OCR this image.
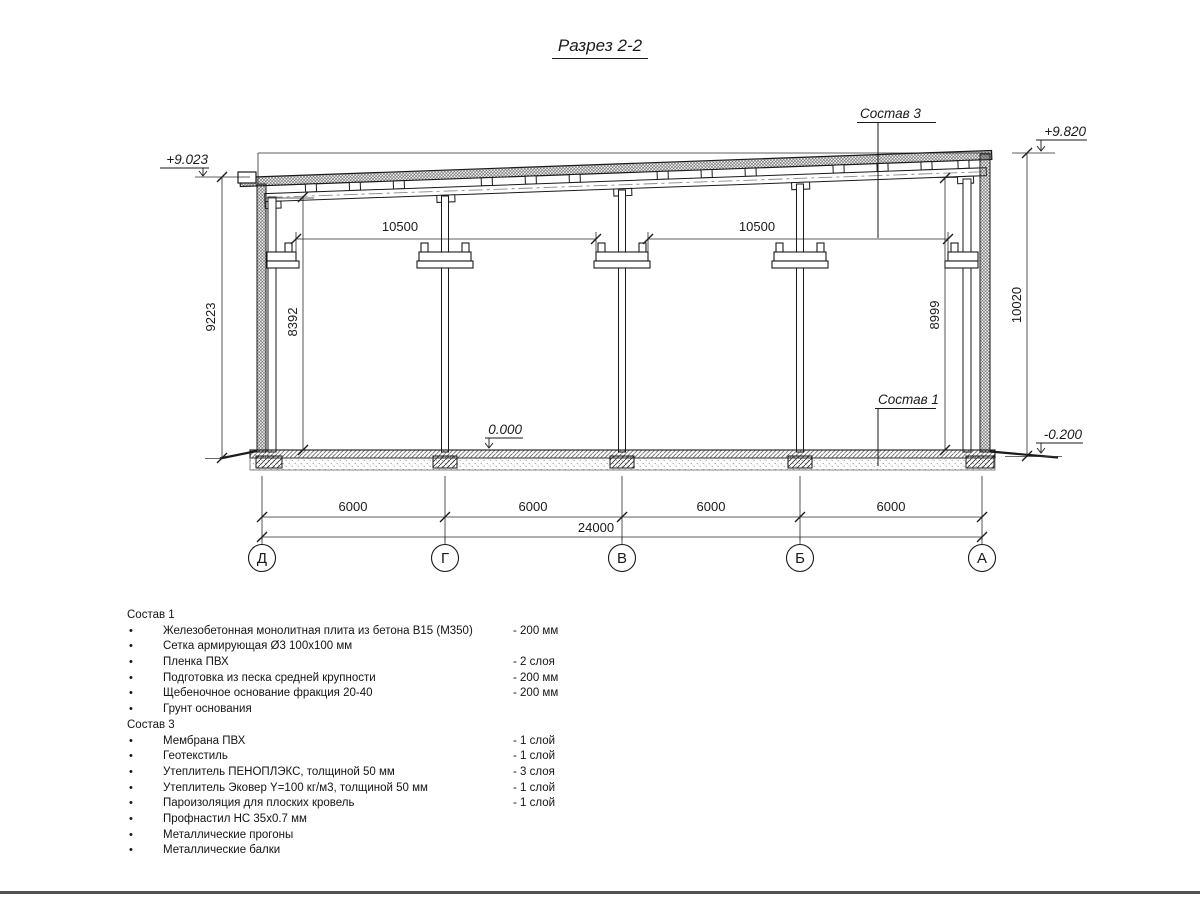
Разрез 2-2
10500	10500
9223	8392	8999	10020
+9.023
+9.820
0.000	-0.200
Состав 3
Состав 1
6000	6000	6000	6000
24000
Д	Г	В	Б	А
Состав 1
• Железобетонная монолитная плита из бетона В15 (М350)	- 200 мм
• Сетка армирующая Ø3 100х100 мм
• Пленка ПВХ	- 2 слоя
• Подготовка из песка средней крупности	- 200 мм
• Щебеночное основание фракция 20-40	- 200 мм
• Грунт основания
Состав 3
• Мембрана ПВХ	- 1 слой
• Геотекстиль	- 1 слой
• Утеплитель ПЕНОПЛЭКС, толщиной 50 мм	- 3 слоя
• Утеплитель Эковер Y=100 кг/м3, толщиной 50 мм	- 1 слой
• Пароизоляция для плоских кровель	- 1 слой
• Профнастил НС 35х0.7 мм
• Металлические прогоны
• Металлические балки
